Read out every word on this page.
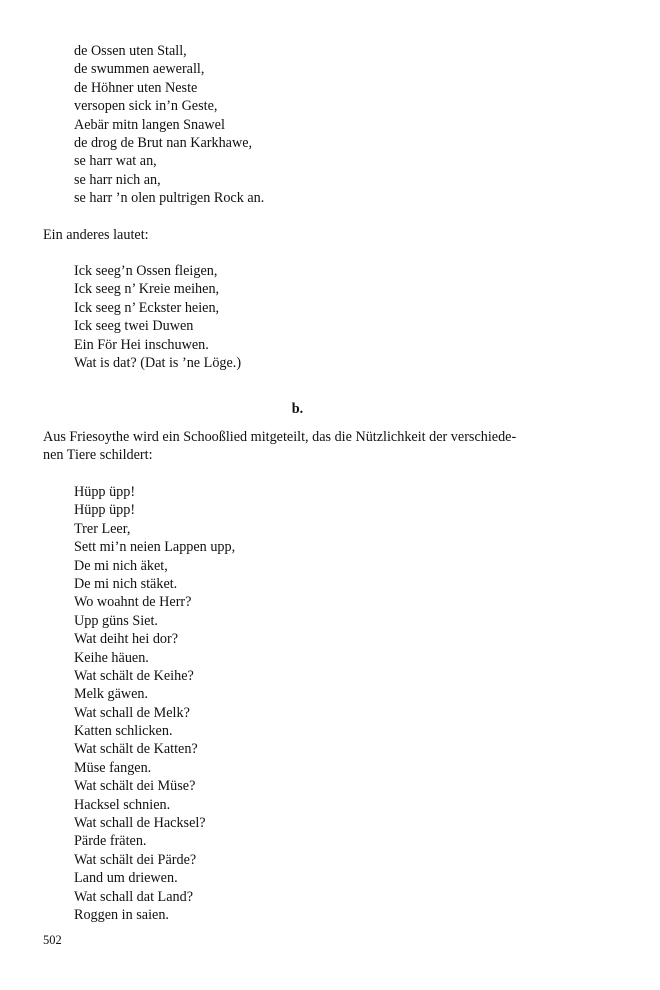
de Ossen uten Stall,
de swummen aewerall,
de Höhner uten Neste
versopen sick in’n Geste,
Aebär mitn langen Snawel
de drog de Brut nan Karkhawe,
se harr wat an,
se harr nich an,
se harr ’n olen pultrigen Rock an.

Ein anderes lautet:

Ick seeg’n Ossen fleigen,
Ick seeg n’ Kreie meihen,
Ick seeg n’ Eckster heien,
Ick seeg twei Duwen
Ein För Hei inschuwen.
Wat is dat? (Dat is ’ne Löge.)
b.

Aus Friesoythe wird ein Schooßlied mitgeteilt, das die Nützlichkeit der verschiede-
nen Tiere schildert:

Hüpp üpp!
Hüpp üpp!
Trer Leer,
Sett mi’n neien Lappen upp,
De mi nich äket,
De mi nich stäket.
Wo woahnt de Herr?
Upp güns Siet.
Wat deiht hei dor?
Keihe häuen.
Wat schält de Keihe?
Melk gäwen.
Wat schall de Melk?
Katten schlicken.
Wat schält de Katten?
Müse fangen.
Wat schält dei Müse?
Hacksel schnien.
Wat schall de Hacksel?
Pärde fräten.
Wat schält dei Pärde?
Land um driewen.
Wat schall dat Land?
Roggen in saien.
502
